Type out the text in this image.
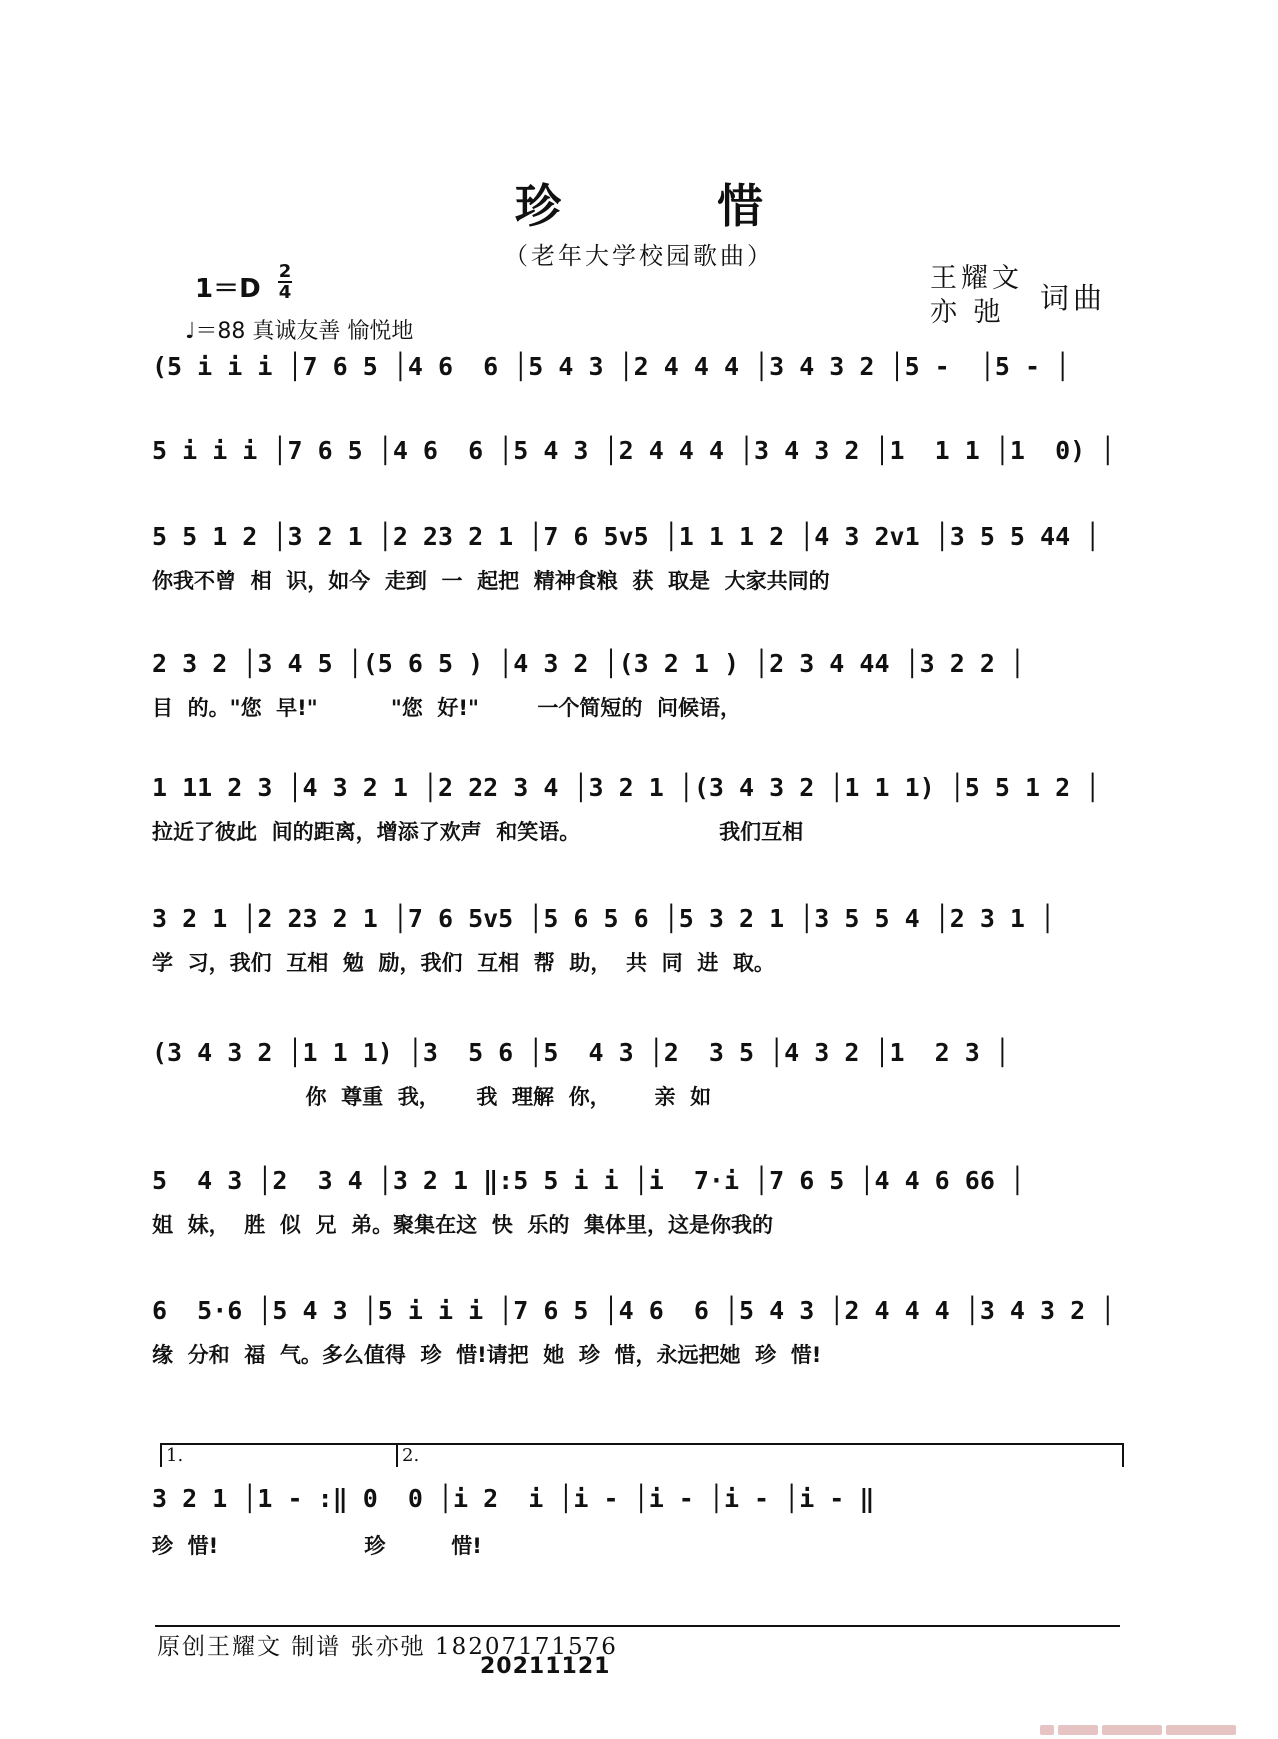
珍 惜
（老年大学校园歌曲）
1＝D
2
4
♩＝88 真诚友善 愉悦地
王耀文
亦 弛	词曲
(5 i i i │7 6 5 │4 6  6 │5 4 3 │2 4 4 4 │3 4 3 2 │5 -  │5 - │
5 i i i │7 6 5 │4 6  6 │5 4 3 │2 4 4 4 │3 4 3 2 │1  1 1 │1  0) │
5 5 1 2 │3 2 1 │2 23 2 1 │7 6 5v5 │1 1 1 2 │4 3 2v1 │3 5 5 44 │
你我不曾  相  识，如今  走到  一  起把  精神食粮  获  取是  大家共同的
2 3 2 │3 4 5 │(5 6 5 ) │4 3 2 │(3 2 1 ) │2 3 4 44 │3 2 2 │
目  的。"您  早!"          "您  好!"        一个简短的  问候语，
1 11 2 3 │4 3 2 1 │2 22 3 4 │3 2 1 │(3 4 3 2 │1 1 1) │5 5 1 2 │
拉近了彼此  间的距离，增添了欢声  和笑语。                   我们互相
3 2 1 │2 23 2 1 │7 6 5v5 │5 6 5 6 │5 3 2 1 │3 5 5 4 │2 3 1 │
学  习，我们  互相  勉  励，我们  互相  帮  助，  共  同  进  取。
(3 4 3 2 │1 1 1) │3  5 6 │5  4 3 │2  3 5 │4 3 2 │1  2 3 │
你  尊重  我，     我  理解  你，      亲  如
5  4 3 │2  3 4 │3 2 1 ‖:5 5 i i │i  7·i │7 6 5 │4 4 6 66 │
姐  妹，  胜  似  兄  弟。聚集在这  快  乐的  集体里，这是你我的
6  5·6 │5 4 3 │5 i i i │7 6 5 │4 6  6 │5 4 3 │2 4 4 4 │3 4 3 2 │
缘  分和  福  气。多么值得  珍  惜!请把  她  珍  惜，永远把她  珍  惜!
1.	2.
3 2 1 │1 - :‖ 0  0 │i 2  i │i - │i - │i - │i - ‖
珍  惜!                    珍         惜!
原创王耀文 制谱 张亦弛 18207171576
20211121
